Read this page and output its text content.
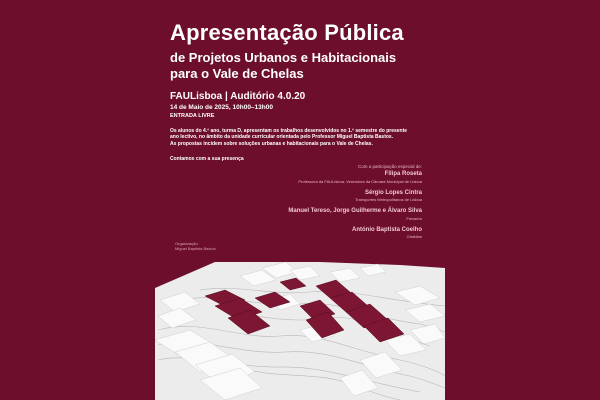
Apresentação Pública
de Projetos Urbanos e Habitacionais
para o Vale de Chelas
FAULisboa | Auditório 4.0.20
14 de Maio de 2025, 10h00–13h00
ENTRADA LIVRE

Os alunos do 4.º ano, turma D, apresentam os trabalhos desenvolvidos no 1.º semestre do presente

ano lectivo, no âmbito da unidade curricular orientada pelo Professor Miguel Baptista Bastos.

As propostas incidem sobre soluções urbanas e habitacionais para o Vale de Chelas.

Contamos com a sua presença
Com a participação especial de:
Filipa Roseta
Professora da FAULisboa, Vereadora da Câmara Municipal de Lisboa
Sérgio Lopes Cintra
Transportes Metropolitanos de Lisboa
Manuel Tereso, Jorge Guilherme e Álvaro Silva
Fenacho
António Baptista Coelho
Ghabitar
Organização
Miguel Baptista Bastos
